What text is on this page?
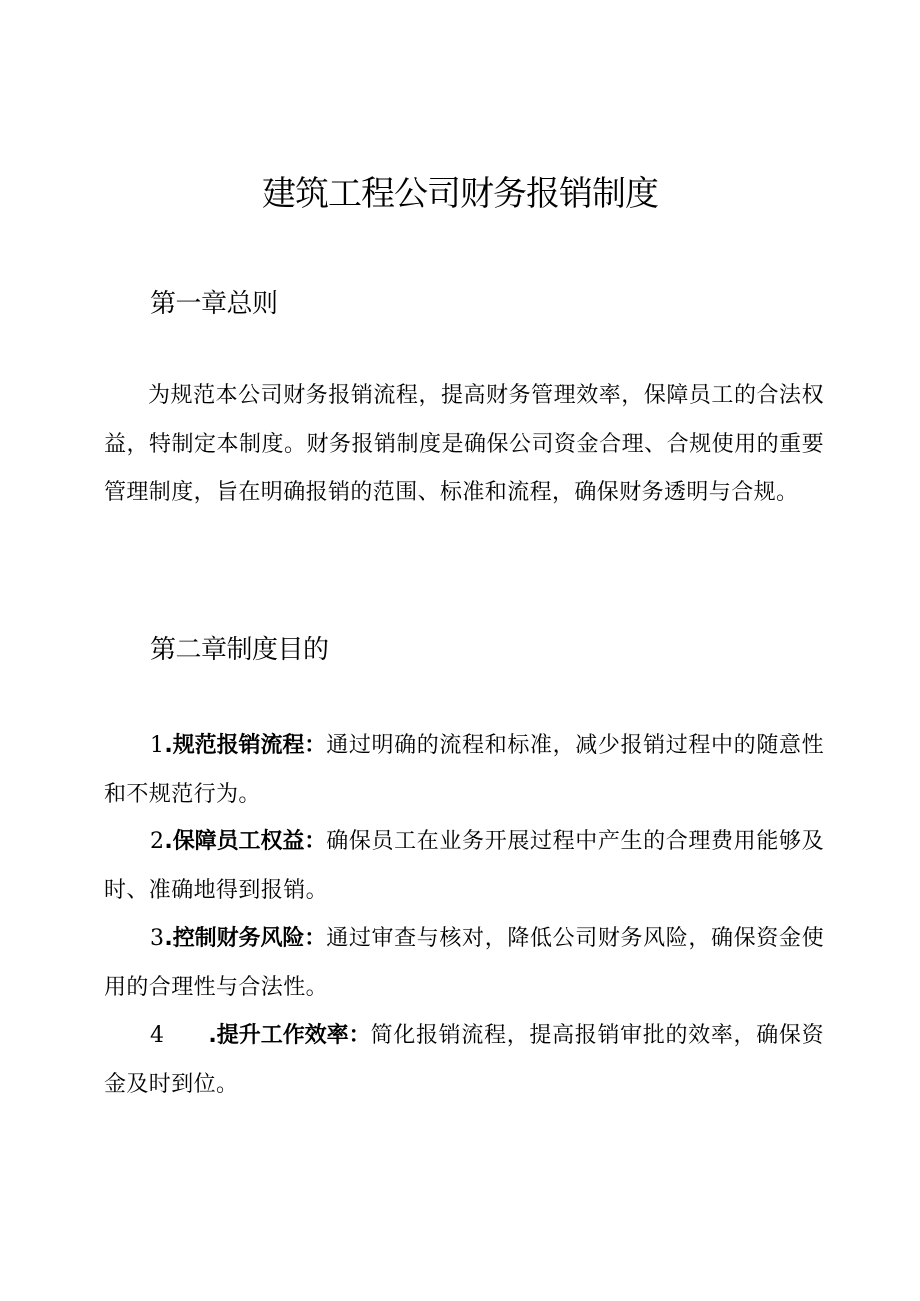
建筑工程公司财务报销制度
第一章总则

为规范本公司财务报销流程，提高财务管理效率，保障员工的合法权益，特制定本制度。财务报销制度是确保公司资金合理、合规使用的重要管理制度，旨在明确报销的范围、标准和流程，确保财务透明与合规。

第二章制度目的

1.规范报销流程：通过明确的流程和标准，减少报销过程中的随意性和不规范行为。

2.保障员工权益：确保员工在业务开展过程中产生的合理费用能够及时、准确地得到报销。

3.控制财务风险：通过审查与核对，降低公司财务风险，确保资金使用的合理性与合法性。

4 .提升工作效率：简化报销流程，提高报销审批的效率，确保资金及时到位。
